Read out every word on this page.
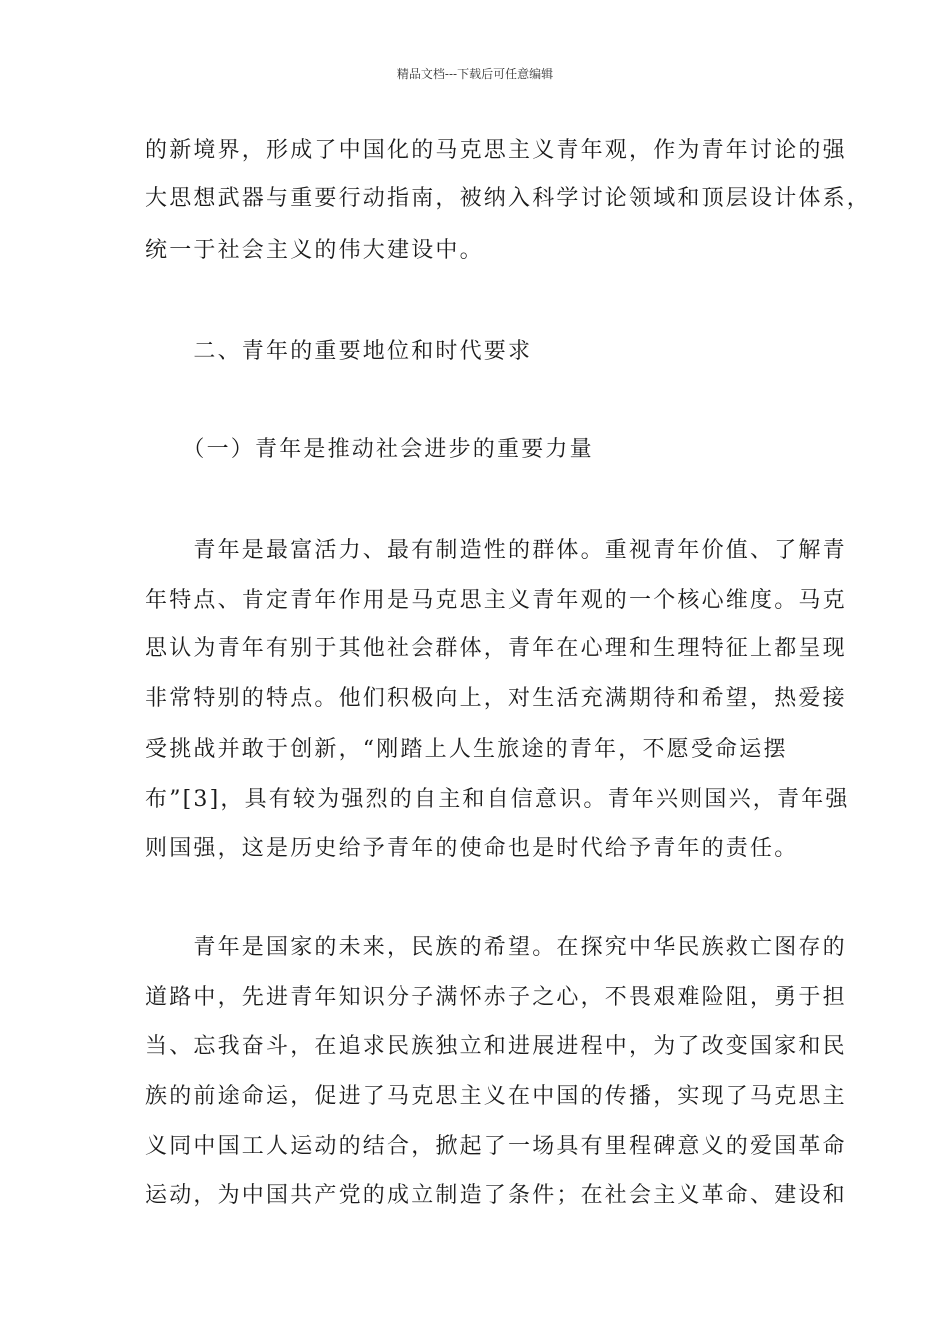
精品文档---下载后可任意编辑
的新境界，形成了中国化的马克思主义青年观，作为青年讨论的强
大思想武器与重要行动指南，被纳入科学讨论领域和顶层设计体系，
统一于社会主义的伟大建设中。
　　二、青年的重要地位和时代要求
　　（一）青年是推动社会进步的重要力量
　　青年是最富活力、最有制造性的群体。重视青年价值、了解青
年特点、肯定青年作用是马克思主义青年观的一个核心维度。马克
思认为青年有别于其他社会群体，青年在心理和生理特征上都呈现
非常特别的特点。他们积极向上，对生活充满期待和希望，热爱接
受挑战并敢于创新，“刚踏上人生旅途的青年，不愿受命运摆
布”[3]，具有较为强烈的自主和自信意识。青年兴则国兴，青年强
则国强，这是历史给予青年的使命也是时代给予青年的责任。
　　青年是国家的未来，民族的希望。在探究中华民族救亡图存的
道路中，先进青年知识分子满怀赤子之心，不畏艰难险阻，勇于担
当、忘我奋斗，在追求民族独立和进展进程中，为了改变国家和民
族的前途命运，促进了马克思主义在中国的传播，实现了马克思主
义同中国工人运动的结合，掀起了一场具有里程碑意义的爱国革命
运动，为中国共产党的成立制造了条件；在社会主义革命、建设和
